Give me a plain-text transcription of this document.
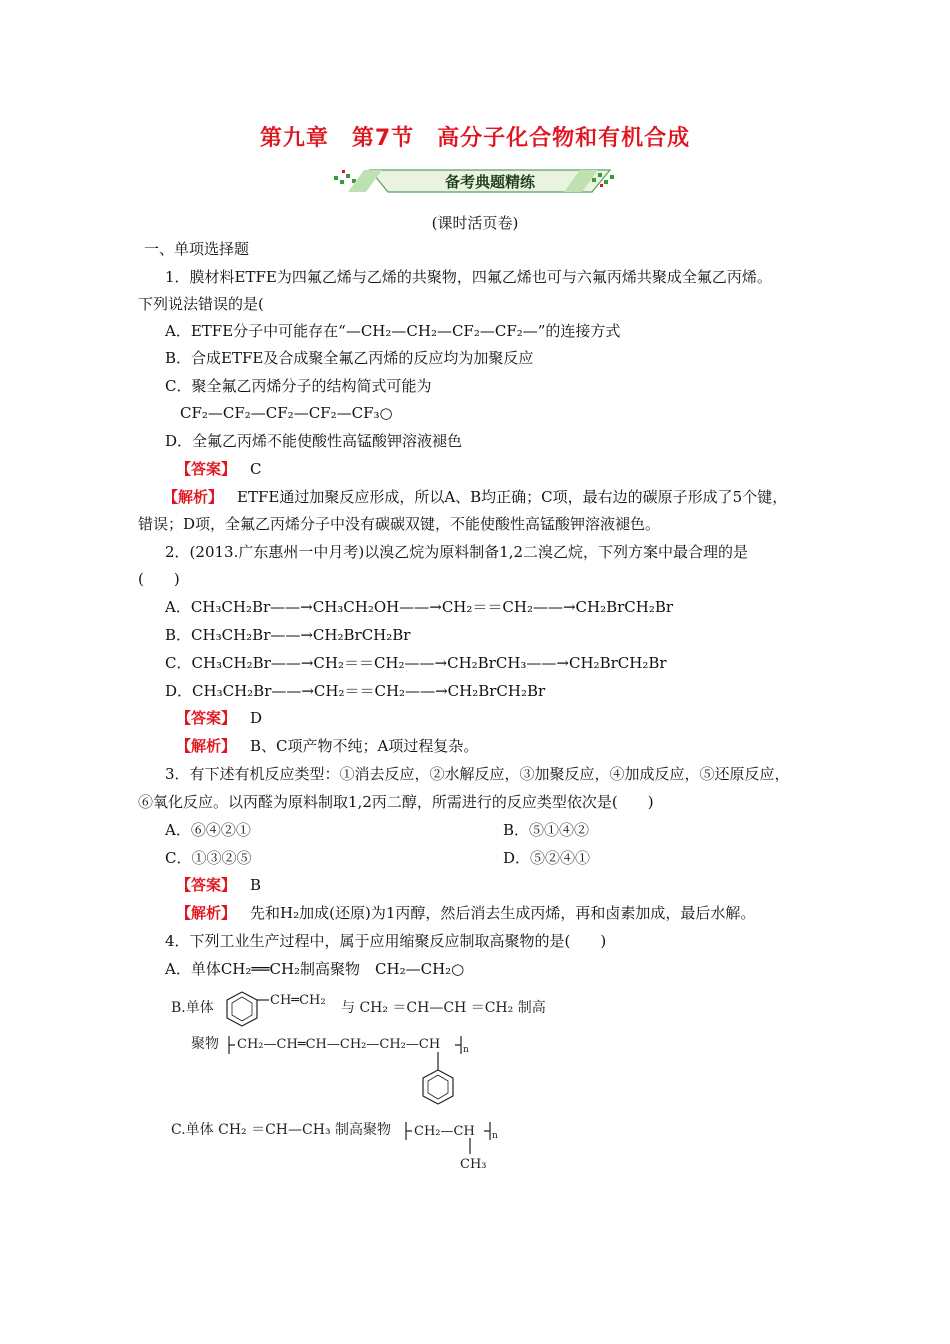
第九章　第7节　高分子化合物和有机合成
备考典题精练
(课时活页卷)
一、单项选择题
1．膜材料ETFE为四氟乙烯与乙烯的共聚物，四氟乙烯也可与六氟丙烯共聚成全氟乙丙烯。
下列说法错误的是(
A．ETFE分子中可能存在“—CH₂—CH₂—CF₂—CF₂—”的连接方式
B．合成ETFE及合成聚全氟乙丙烯的反应均为加聚反应
C．聚全氟乙丙烯分子的结构简式可能为
CF₂—CF₂—CF₂—CF₂—CF₃○
D．全氟乙丙烯不能使酸性高锰酸钾溶液褪色
【答案】 C
【解析】 ETFE通过加聚反应形成，所以A、B均正确；C项，最右边的碳原子形成了5个键，
错误；D项，全氟乙丙烯分子中没有碳碳双键，不能使酸性高锰酸钾溶液褪色。
2．(2013.广东惠州一中月考)以溴乙烷为原料制备1,2二溴乙烷，下列方案中最合理的是
(　　)
A．CH₃CH₂Br——→CH₃CH₂OH——→CH₂＝＝CH₂——→CH₂BrCH₂Br
B．CH₃CH₂Br——→CH₂BrCH₂Br
C．CH₃CH₂Br——→CH₂＝＝CH₂——→CH₂BrCH₃——→CH₂BrCH₂Br
D．CH₃CH₂Br——→CH₂＝＝CH₂——→CH₂BrCH₂Br
【答案】 D
【解析】 B、C项产物不纯；A项过程复杂。
3．有下述有机反应类型：①消去反应，②水解反应，③加聚反应，④加成反应，⑤还原反应，
⑥氧化反应。以丙醛为原料制取1,2丙二醇，所需进行的反应类型依次是(　　)
A．⑥④②①	B．⑤①④②
C．①③②⑤	D．⑤②④①
【答案】 B
【解析】 先和H₂加成(还原)为1丙醇，然后消去生成丙烯，再和卤素加成，最后水解。
4．下列工业生产过程中，属于应用缩聚反应制取高聚物的是(　　)
A．单体CH₂══CH₂制高聚物　CH₂—CH₂○
B.单体	CH═CH₂ 与 CH₂ ＝CH—CH ＝CH₂ 制高
聚物 CH₂—CH═CH—CH₂—CH₂—CH	n
C.单体 CH₂ ＝CH—CH₃ 制高聚物 CH₂—CH n
CH₃
